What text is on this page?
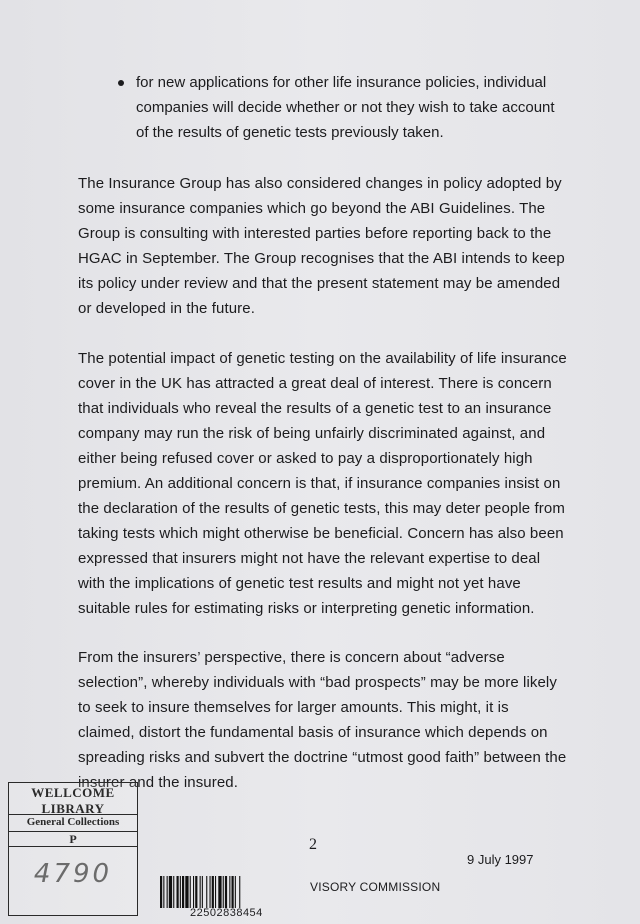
for new applications for other life insurance policies, individual companies will decide whether or not they wish to take account of the results of genetic tests previously taken.
The Insurance Group has also considered changes in policy adopted by some insurance companies which go beyond the ABI Guidelines. The Group is consulting with interested parties before reporting back to the HGAC in September. The Group recognises that the ABI intends to keep its policy under review and that the present statement may be amended or developed in the future.
The potential impact of genetic testing on the availability of life insurance cover in the UK has attracted a great deal of interest. There is concern that individuals who reveal the results of a genetic test to an insurance company may run the risk of being unfairly discriminated against, and either being refused cover or asked to pay a disproportionately high premium. An additional concern is that, if insurance companies insist on the declaration of the results of genetic tests, this may deter people from taking tests which might otherwise be beneficial. Concern has also been expressed that insurers might not have the relevant expertise to deal with the implications of genetic test results and might not yet have suitable rules for estimating risks or interpreting genetic information.
From the insurers’ perspective, there is concern about “adverse selection”, whereby individuals with “bad prospects” may be more likely to seek to insure themselves for larger amounts. This might, it is claimed, distort the fundamental basis of insurance which depends on spreading risks and subvert the doctrine “utmost good faith” between the insurer and the insured.
2
9 July 1997
VISORY COMMISSION
WELLCOME
LIBRARY
General Collections
P
4790
22502838454
